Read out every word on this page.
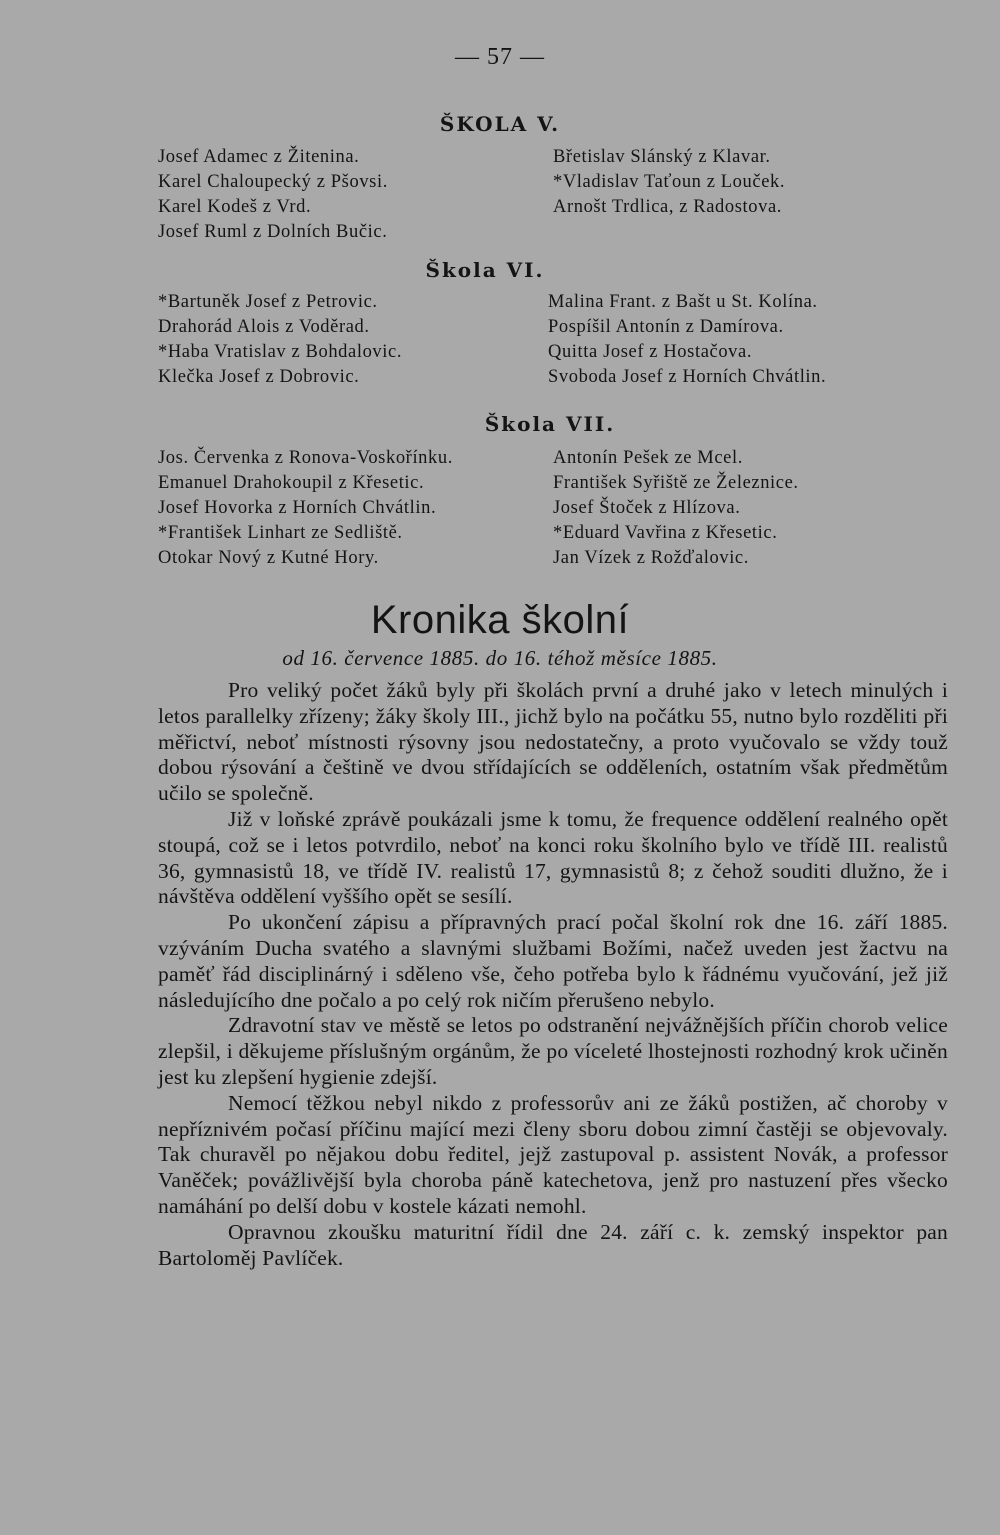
— 57 —
ŠKOLA V.
Josef Adamec z Žitenina.
Karel Chaloupecký z Pšovsi.
Karel Kodeš z Vrd.
Josef Ruml z Dolních Bučic.
Břetislav Slánský z Klavar.
*Vladislav Taťoun z Louček.
Arnošt Trdlica, z Radostova.
Škola VI.
*Bartuněk Josef z Petrovic.
Drahorád Alois z Voděrad.
*Haba Vratislav z Bohdalovic.
Klečka Josef z Dobrovic.
Malina Frant. z Bašt u St. Kolína.
Pospíšil Antonín z Damírova.
Quitta Josef z Hostačova.
Svoboda Josef z Horních Chvátlin.
Škola VII.
Jos. Červenka z Ronova-Voskořínku.
Emanuel Drahokoupil z Křesetic.
Josef Hovorka z Horních Chvátlin.
*František Linhart ze Sedliště.
Otokar Nový z Kutné Hory.
Antonín Pešek ze Mcel.
František Syřiště ze Železnice.
Josef Štoček z Hlízova.
*Eduard Vavřina z Křesetic.
Jan Vízek z Rožďalovic.
Kronika školní
od 16. července 1885. do 16. téhož měsíce 1885.

Pro veliký počet žáků byly při školách první a druhé jako v letech minulých i letos parallelky zřízeny; žáky školy III., jichž bylo na počátku 55, nutno bylo rozděliti při měřictví, neboť místnosti rýsovny jsou nedostatečny, a proto vyučovalo se vždy touž dobou rýsování a češtině ve dvou střídajících se odděleních, ostatním však předmětům učilo se společně.

Již v loňské zprávě poukázali jsme k tomu, že frequence oddělení realného opět stoupá, což se i letos potvrdilo, neboť na konci roku školního bylo ve třídě III. realistů 36, gymnasistů 18, ve třídě IV. realistů 17, gymnasistů 8; z čehož souditi dlužno, že i návštěva oddělení vyššího opět se sesílí.

Po ukončení zápisu a přípravných prací počal školní rok dne 16. září 1885. vzýváním Ducha svatého a slavnými službami Božími, načež uveden jest žactvu na paměť řád disciplinárný i sděleno vše, čeho potřeba bylo k řádnému vyučování, jež již následujícího dne počalo a po celý rok ničím přerušeno nebylo.

Zdravotní stav ve městě se letos po odstranění nejvážnějších příčin chorob velice zlepšil, i děkujeme příslušným orgánům, že po víceleté lhostejnosti rozhodný krok učiněn jest ku zlepšení hygienie zdejší.

Nemocí těžkou nebyl nikdo z professorův ani ze žáků postižen, ač choroby v nepříznivém počasí příčinu mající mezi členy sboru dobou zimní častěji se objevovaly. Tak churavěl po nějakou dobu ředitel, jejž zastupoval p. assistent Novák, a professor Vaněček; povážlivější byla choroba páně katechetova, jenž pro nastuzení přes všecko namáhání po delší dobu v kostele kázati nemohl.

Opravnou zkoušku maturitní řídil dne 24. září c. k. zemský inspektor pan Bartoloměj Pavlíček.
